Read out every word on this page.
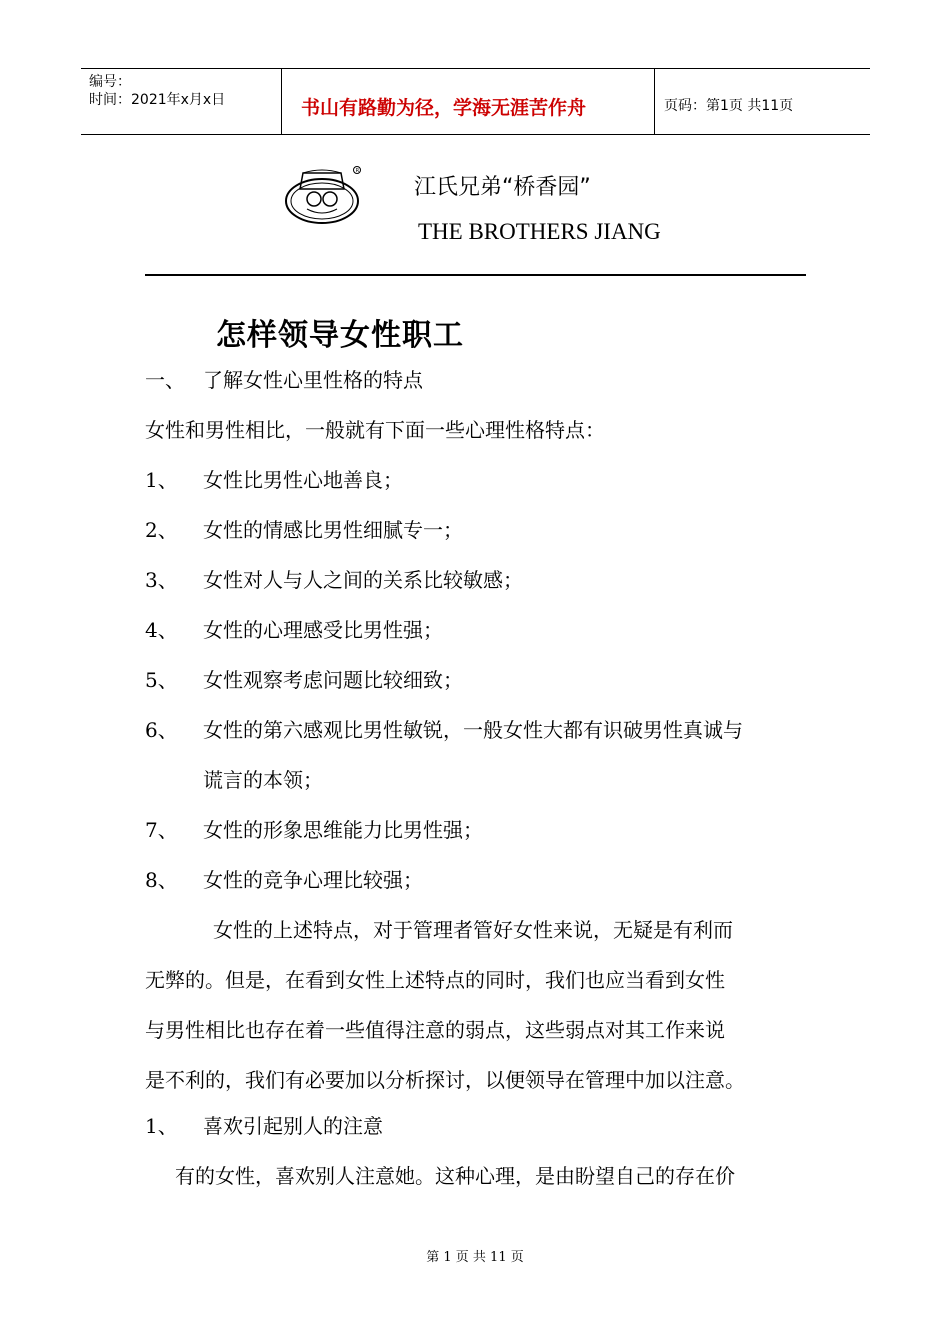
编号：
时间：2021年x月x日	书山有路勤为径，学海无涯苦作舟	页码：第1页 共11页
R
江氏兄弟“桥香园”
THE BROTHERS JIANG
怎样领导女性职工
一、 了解女性心里性格的特点
女性和男性相比，一般就有下面一些心理性格特点：
1、 女性比男性心地善良；
2、 女性的情感比男性细腻专一；
3、 女性对人与人之间的关系比较敏感；
4、 女性的心理感受比男性强；
5、 女性观察考虑问题比较细致；
6、 女性的第六感观比男性敏锐，一般女性大都有识破男性真诚与
谎言的本领；
7、 女性的形象思维能力比男性强；
8、 女性的竞争心理比较强；
女性的上述特点，对于管理者管好女性来说，无疑是有利而
无弊的。但是，在看到女性上述特点的同时，我们也应当看到女性
与男性相比也存在着一些值得注意的弱点，这些弱点对其工作来说
是不利的，我们有必要加以分析探讨，以便领导在管理中加以注意。
1、 喜欢引起别人的注意
有的女性，喜欢别人注意她。这种心理，是由盼望自己的存在价
第 1 页 共 11 页
